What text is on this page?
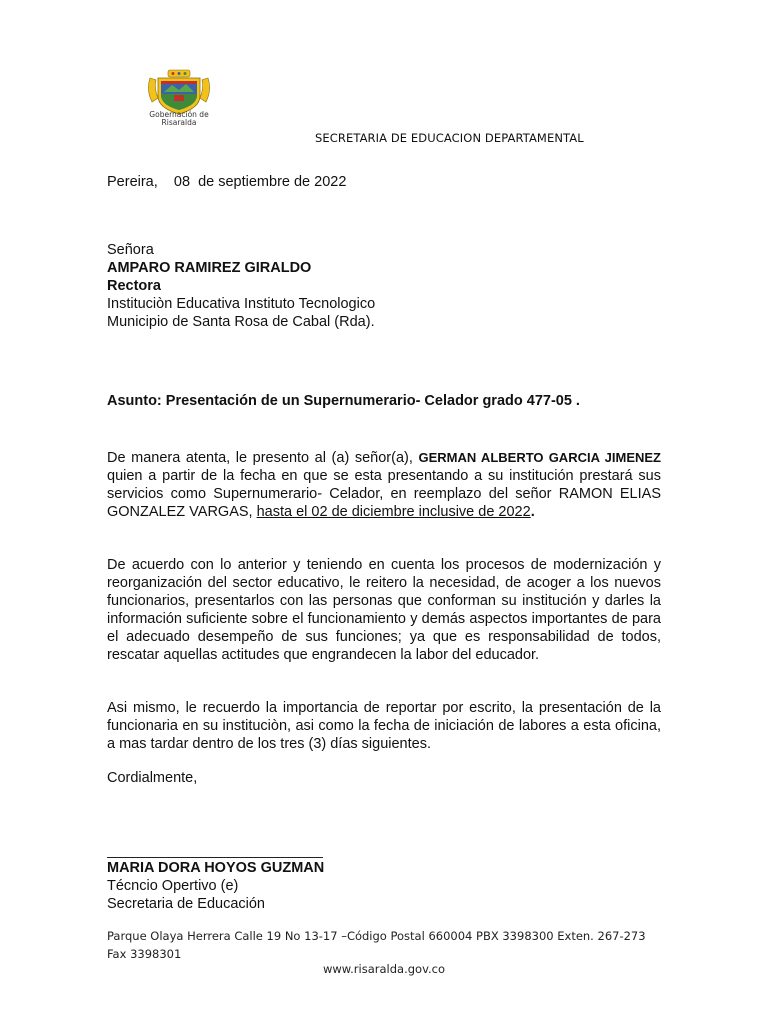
Gobernación de
Risaralda
SECRETARIA DE EDUCACION DEPARTAMENTAL
Pereira,    08  de septiembre de 2022
Señora
AMPARO RAMIREZ GIRALDO
Rectora
Instituciòn Educativa Instituto Tecnologico
Municipio de Santa Rosa de Cabal (Rda).
Asunto: Presentación de un Supernumerario- Celador grado 477-05 .
De manera atenta, le presento al (a) señor(a), GERMAN ALBERTO GARCIA JIMENEZ quien a partir de la fecha en que se esta presentando a su institución prestará sus servicios como Supernumerario- Celador, en reemplazo del señor RAMON ELIAS GONZALEZ VARGAS, hasta el 02 de diciembre inclusive de 2022.
De acuerdo con lo anterior y teniendo en cuenta los procesos de modernización y reorganización del sector educativo, le reitero la necesidad, de acoger a los nuevos funcionarios, presentarlos con las personas que conforman su institución y darles la información suficiente sobre el funcionamiento y demás aspectos importantes de para el adecuado desempeño de sus funciones; ya que es responsabilidad de todos, rescatar aquellas actitudes que engrandecen la labor del educador.
Asi mismo, le recuerdo la importancia de reportar por escrito, la presentación de la funcionaria en su instituciòn, asi como la fecha de iniciación de labores a esta oficina, a mas tardar dentro de los tres (3) días siguientes.
Cordialmente,
MARIA DORA HOYOS GUZMAN
Técncio Opertivo (e)
Secretaria de Educación
Parque Olaya Herrera Calle 19 No 13-17 –Código Postal 660004 PBX 3398300 Exten. 267-273 Fax 3398301
www.risaralda.gov.co
